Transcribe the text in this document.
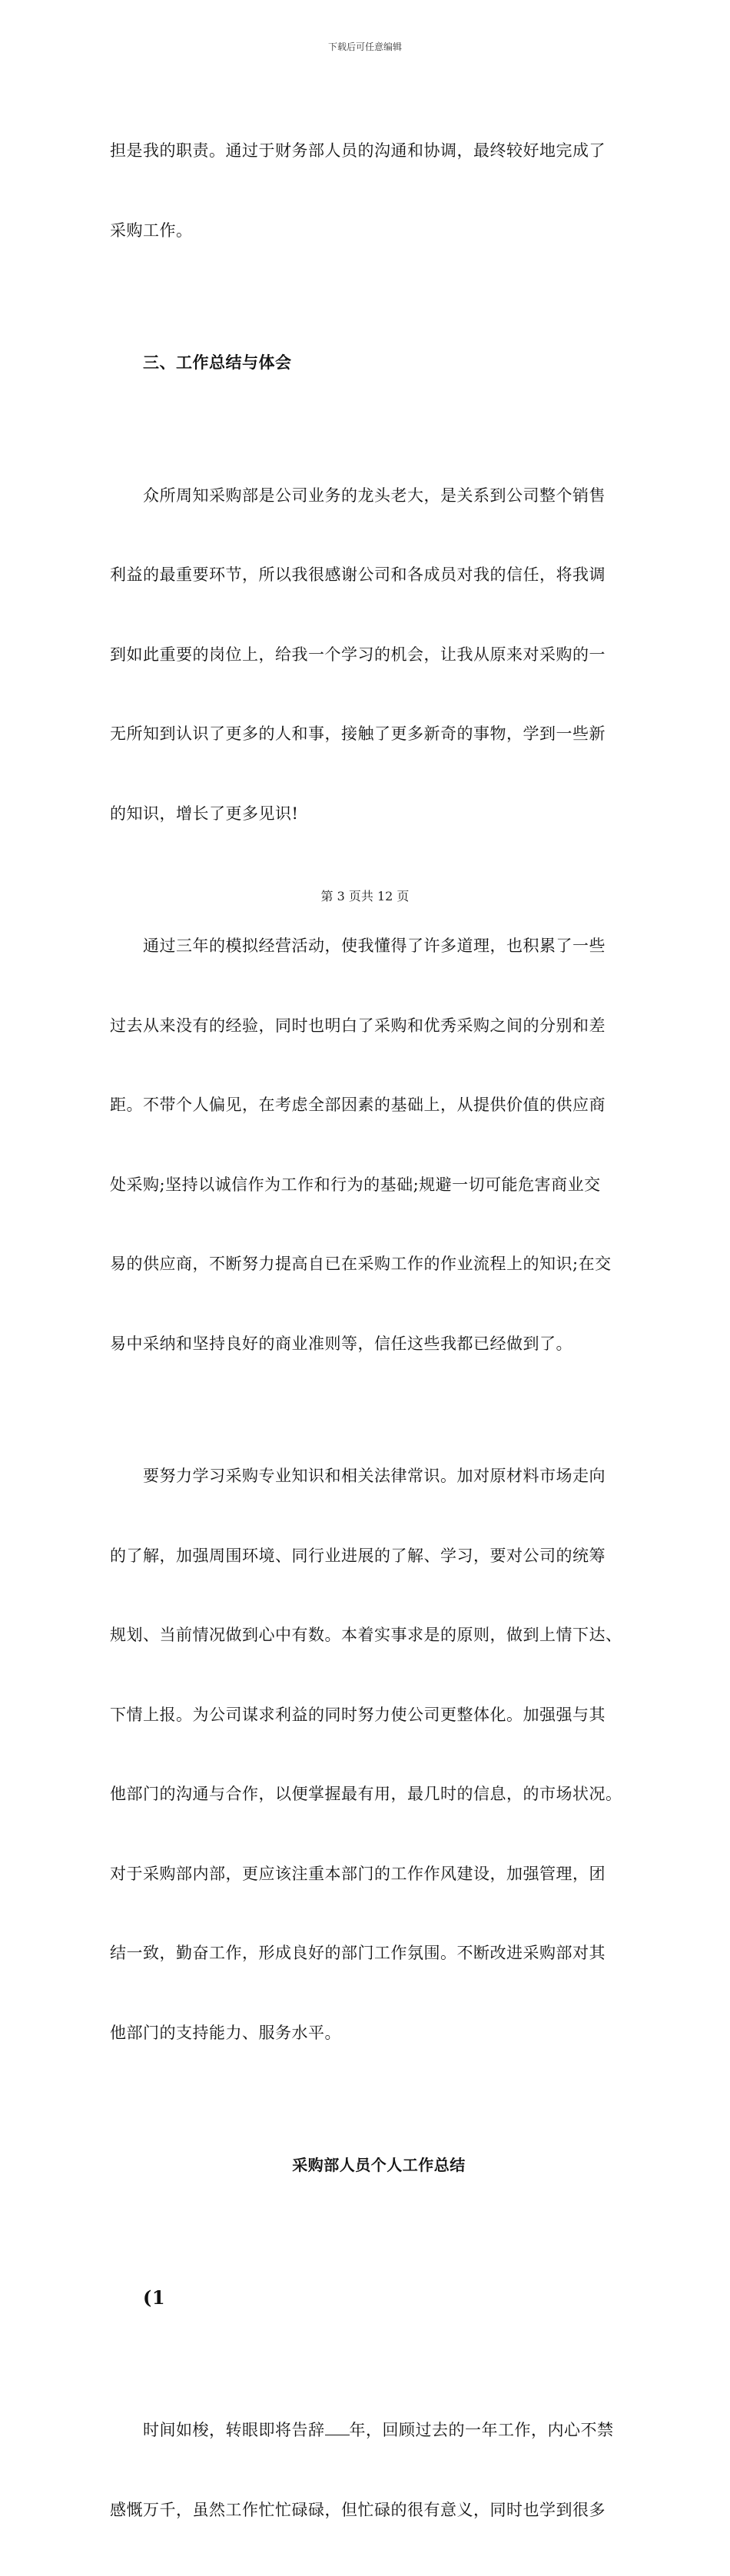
下载后可任意编辑

担是我的职责。通过于财务部人员的沟通和协调，最终较好地完成了

采购工作。

三、工作总结与体会

众所周知采购部是公司业务的龙头老大，是关系到公司整个销售

利益的最重要环节，所以我很感谢公司和各成员对我的信任，将我调

到如此重要的岗位上，给我一个学习的机会，让我从原来对采购的一

无所知到认识了更多的人和事，接触了更多新奇的事物，学到一些新

的知识，增长了更多见识!

通过三年的模拟经营活动，使我懂得了许多道理，也积累了一些

过去从来没有的经验，同时也明白了采购和优秀采购之间的分别和差

距。不带个人偏见，在考虑全部因素的基础上，从提供价值的供应商

处采购;坚持以诚信作为工作和行为的基础;规避一切可能危害商业交

易的供应商，不断努力提高自已在采购工作的作业流程上的知识;在交

易中采纳和坚持良好的商业准则等，信任这些我都已经做到了。

要努力学习采购专业知识和相关法律常识。加对原材料市场走向

的了解，加强周围环境、同行业进展的了解、学习，要对公司的统筹

规划、当前情况做到心中有数。本着实事求是的原则，做到上情下达、

下情上报。为公司谋求利益的同时努力使公司更整体化。加强强与其

他部门的沟通与合作，以便掌握最有用，最几时的信息，的市场状况。

对于采购部内部，更应该注重本部门的工作作风建设，加强管理，团

结一致，勤奋工作，形成良好的部门工作氛围。不断改进采购部对其

他部门的支持能力、服务水平。

采购部人员个人工作总结

(1

时间如梭，转眼即将告辞 年，回顾过去的一年工作，内心不禁

感慨万千，虽然工作忙忙碌碌，但忙碌的很有意义，同时也学到很多

第 3 页共 12 页
